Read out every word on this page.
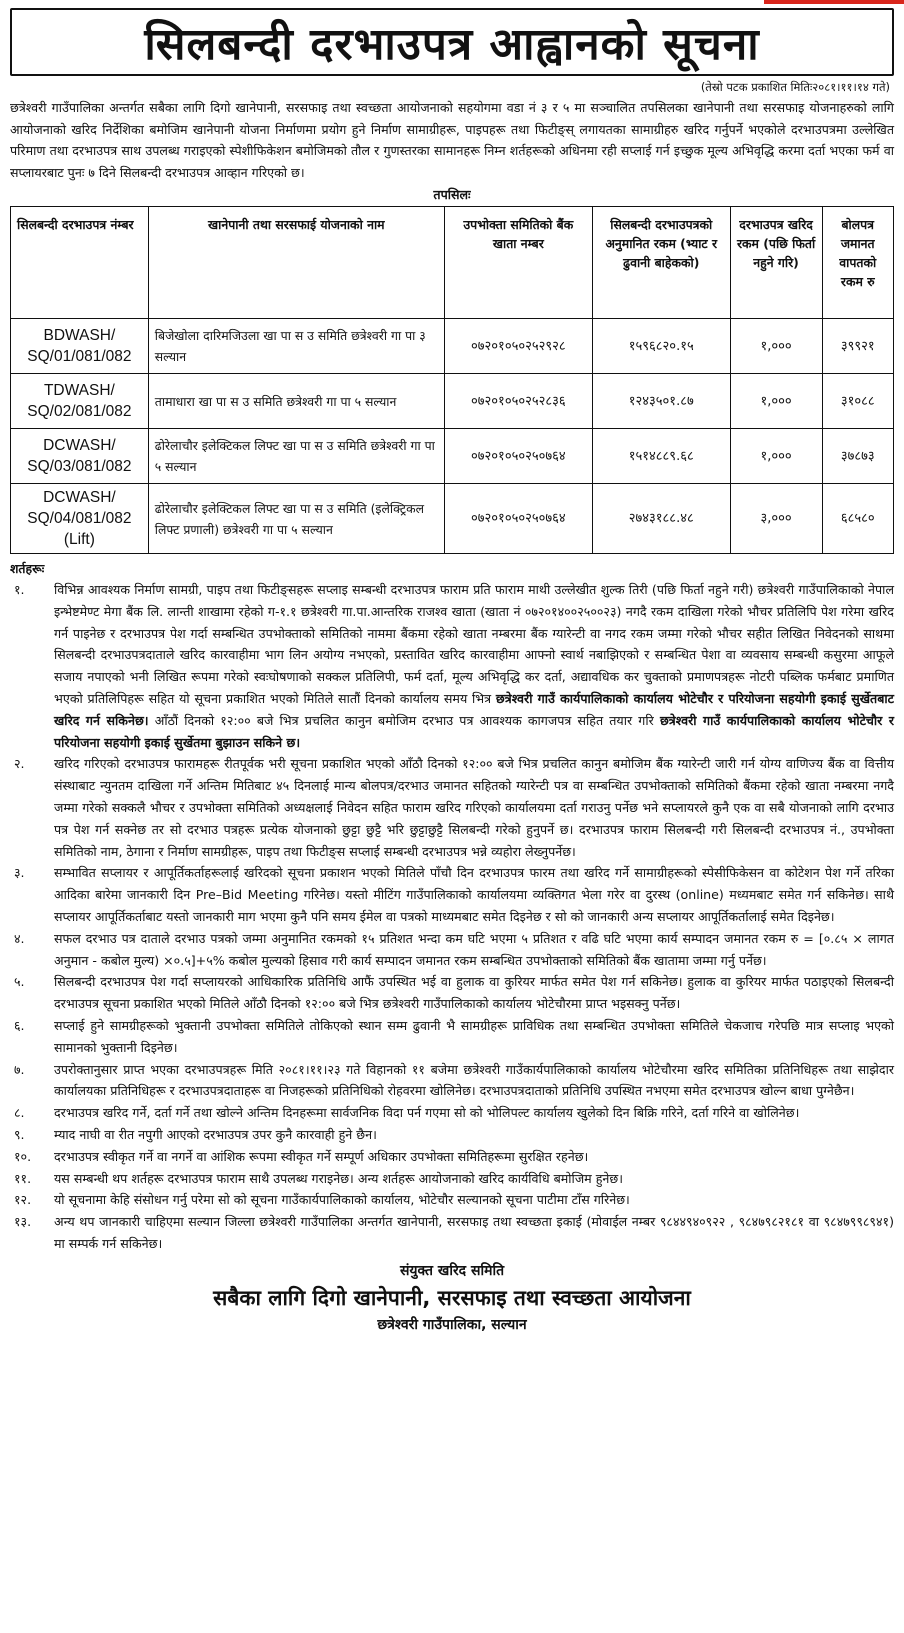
सिलबन्दी दरभाउपत्र आह्वानको सूचना
(तेस्रो पटक प्रकाशित मितिः२०८१।११।१४ गते)
छत्रेश्वरी गाउँपालिका अन्तर्गत सबैका लागि दिगो खानेपानी, सरसफाइ तथा स्वच्छता आयोजनाको सहयोगमा वडा नं ३ र ५ मा सञ्चालित तपसिलका खानेपानी तथा सरसफाइ योजनाहरुको लागि आयोजनाको खरिद निर्देशिका बमोजिम खानेपानी योजना निर्माणमा प्रयोग हुने निर्माण सामाग्रीहरू, पाइपहरू तथा फिटीङ्स् लगायतका सामाग्रीहरु खरिद गर्नुपर्ने भएकोले दरभाउपत्रमा उल्लेखित परिमाण तथा दरभाउपत्र साथ उपलब्ध गराइएको स्पेशीफिकेशन बमोजिमको तौल र गुणस्तरका सामानहरू निम्न शर्तहरूको अधिनमा रही सप्लाई गर्न इच्छुक मूल्य अभिवृद्धि करमा दर्ता भएका फर्म वा सप्लायरबाट पुनः ७ दिने सिलबन्दी दरभाउपत्र आव्हान गरिएको छ।
तपसिलः
सिलबन्दी दरभाउपत्र नंम्बर	खानेपानी तथा सरसफाई योजनाको नाम	उपभोक्ता समितिको बैंक खाता नम्बर	सिलबन्दी दरभाउपत्रको अनुमानित रकम (भ्याट र ढुवानी बाहेकको)	दरभाउपत्र खरिद रकम (पछि फिर्ता नहुने गरि)	बोलपत्र जमानत वापतको रकम रु
BDWASH/ SQ/01/081/082	बिजेखोला दारिमजिउला खा पा स उ समिति छत्रेश्वरी गा पा ३ सल्यान	०७२०१०५०२५२९२८	१५९६८२०.१५	१,०००	३९९२१
TDWASH/ SQ/02/081/082	तामाधारा खा पा स उ समिति छत्रेश्वरी गा पा ५ सल्यान	०७२०१०५०२५२८३६	१२४३५०१.८७	१,०००	३१०८८
DCWASH/ SQ/03/081/082	ढोरेलाचौर इलेक्टिकल लिफ्ट खा पा स उ समिति छत्रेश्वरी गा पा ५ सल्यान	०७२०१०५०२५०७६४	१५१४८८९.६८	१,०००	३७८७३
DCWASH/ SQ/04/081/082 (Lift)	ढोरेलाचौर इलेक्टिकल लिफ्ट खा पा स उ समिति (इलेक्ट्रिकल लिफ्ट प्रणाली) छत्रेश्वरी गा पा ५ सल्यान	०७२०१०५०२५०७६४	२७४३१८८.४८	३,०००	६८५८०
शर्तहरूः
१.	विभिन्न आवश्यक निर्माण सामग्री, पाइप तथा फिटीङ्सहरू सप्लाइ सम्बन्धी दरभाउपत्र फाराम प्रति फाराम माथी उल्लेखीत शुल्क तिरी (पछि फिर्ता नहुने गरी) छत्रेश्वरी गाउँपालिकाको नेपाल इन्भेष्टमेण्ट मेगा बैंक लि. लान्ती शाखामा रहेको ग-१.१ छत्रेश्वरी गा.पा.आन्तरिक राजश्व खाता (खाता नं ०७२०१४००२५००२३) नगदै रकम दाखिला गरेको भौचर प्रतिलिपि पेश गरेमा खरिद गर्न पाइनेछ र दरभाउपत्र पेश गर्दा सम्बन्धित उपभोक्ताको समितिको नाममा बैंकमा रहेको खाता नम्बरमा बैंक ग्यारेन्टी वा नगद रकम जम्मा गरेको भौचर सहीत लिखित निवेदनको साथमा सिलबन्दी दरभाउपत्रदाताले खरिद कारवाहीमा भाग लिन अयोग्य नभएको, प्रस्तावित खरिद कारवाहीमा आफ्नो स्वार्थ नबाझिएको र सम्बन्धित पेशा वा व्यवसाय सम्बन्धी कसुरमा आफूले सजाय नपाएको भनी लिखित रूपमा गरेको स्वःघोषणाको सक्कल प्रतिलिपी, फर्म दर्ता, मूल्य अभिवृद्धि कर दर्ता, अद्यावधिक कर चुक्ताको प्रमाणपत्रहरू नोटरी पब्लिक फर्मबाट प्रमाणित भएको प्रतिलिपिहरू सहित यो सूचना प्रकाशित भएको मितिले सातौं दिनको कार्यालय समय भित्र छत्रेश्वरी गाउँ कार्यपालिकाको कार्यालय भोटेचौर र परियोजना सहयोगी इकाई सुर्खेतबाट खरिद गर्न सकिनेछ। आँठौं दिनको १२:०० बजे भित्र प्रचलित कानुन बमोजिम दरभाउ पत्र आवश्यक कागजपत्र सहित तयार गरि छत्रेश्वरी गाउँ कार्यपालिकाको कार्यालय भोटेचौर र परियोजना सहयोगी इकाई सुर्खेतमा बुझाउन सकिने छ।
२.	खरिद गरिएको दरभाउपत्र फारामहरू रीतपूर्वक भरी सूचना प्रकाशित भएको आँठौ दिनको १२:०० बजे भित्र प्रचलित कानुन बमोजिम बैंक ग्यारेन्टी जारी गर्न योग्य वाणिज्य बैंक वा वित्तीय संस्थाबाट न्युनतम दाखिला गर्ने अन्तिम मितिबाट ४५ दिनलाई मान्य बोलपत्र/दरभाउ जमानत सहितको ग्यारेन्टी पत्र वा सम्बन्धित उपभोक्ताको समितिको बैंकमा रहेको खाता नम्बरमा नगदै जम्मा गरेको सक्कलै भौचर र उपभोक्ता समितिको अध्यक्षलाई निवेदन सहित फाराम खरिद गरिएको कार्यालयमा दर्ता गराउनु पर्नेछ भने सप्लायरले कुनै एक वा सबै योजनाको लागि दरभाउ पत्र पेश गर्न सक्नेछ तर सो दरभाउ पत्रहरू प्रत्येक योजनाको छुट्टा छुट्टै भरि छुट्टाछुट्टै सिलबन्दी गरेको हुनुपर्ने छ। दरभाउपत्र फाराम सिलबन्दी गरी सिलबन्दी दरभाउपत्र नं., उपभोक्ता समितिको नाम, ठेगाना र निर्माण सामग्रीहरू, पाइप तथा फिटीङ्स सप्लाई सम्बन्धी दरभाउपत्र भन्ने व्यहोरा लेख्नुपर्नेछ।
३.	सम्भावित सप्लायर र आपूर्तिकर्ताहरूलाई खरिदको सूचना प्रकाशन भएको मितिले पाँचौ दिन दरभाउपत्र फारम तथा खरिद गर्ने सामाग्रीहरूको स्पेसीफिकेसन वा कोटेशन पेश गर्ने तरिका आदिका बारेमा जानकारी दिन Pre–Bid Meeting गरिनेछ। यस्तो मीटिंग गाउँपालिकाको कार्यालयमा व्यक्तिगत भेला गरेर वा दुरस्थ (online) मध्यमबाट समेत गर्न सकिनेछ। साथै सप्लायर आपूर्तिकर्ताबाट यस्तो जानकारी माग भएमा कुनै पनि समय ईमेल वा पत्रको माध्यमबाट समेत दिइनेछ र सो को जानकारी अन्य सप्लायर आपूर्तिकर्तालाई समेत दिइनेछ।
४.	सफल दरभाउ पत्र दाताले दरभाउ पत्रको जम्मा अनुमानित रकमको १५ प्रतिशत भन्दा कम घटि भएमा ५ प्रतिशत र वढि घटि भएमा कार्य सम्पादन जमानत रकम रु = [०.८५ × लागत अनुमान - कबोल मुल्य) ×०.५]+५% कबोल मुल्यको हिसाव गरी कार्य सम्पादन जमानत रकम सम्बन्धित उपभोक्ताको समितिको बैंक खातामा जम्मा गर्नु पर्नेछ।
५.	सिलबन्दी दरभाउपत्र पेश गर्दा सप्लायरको आधिकारिक प्रतिनिधि आफैं उपस्थित भई वा हुलाक वा कुरियर मार्फत समेत पेश गर्न सकिनेछ। हुलाक वा कुरियर मार्फत पठाइएको सिलबन्दी दरभाउपत्र सूचना प्रकाशित भएको मितिले आँठौ दिनको १२:०० बजे भित्र छत्रेश्वरी गाउँपालिकाको कार्यालय भोटेचौरमा प्राप्त भइसक्नु पर्नेछ।
६.	सप्लाई हुने सामग्रीहरूको भुक्तानी उपभोक्ता समितिले तोकिएको स्थान सम्म ढुवानी भै सामग्रीहरू प्राविधिक तथा सम्बन्धित उपभोक्ता समितिले चेकजाच गरेपछि मात्र सप्लाइ भएको सामानको भुक्तानी दिइनेछ।
७.	उपरोक्तानुसार प्राप्त भएका दरभाउपत्रहरू मिति २०८१।११।२३ गते विहानको ११ बजेमा छत्रेश्वरी गाउँकार्यपालिकाको कार्यालय भोटेचौरमा खरिद समितिका प्रतिनिधिहरू तथा साझेदार कार्यालयका प्रतिनिधिहरू र दरभाउपत्रदाताहरू वा निजहरूको प्रतिनिधिको रोहवरमा खोलिनेछ। दरभाउपत्रदाताको प्रतिनिधि उपस्थित नभएमा समेत दरभाउपत्र खोल्न बाधा पुग्नेछैन।
८.	दरभाउपत्र खरिद गर्ने, दर्ता गर्ने तथा खोल्ने अन्तिम दिनहरूमा सार्वजनिक विदा पर्न गएमा सो को भोलिपल्ट कार्यालय खुलेको दिन बिक्रि गरिने, दर्ता गरिने वा खोलिनेछ।
९.	म्याद नाघी वा रीत नपुगी आएको दरभाउपत्र उपर कुनै कारवाही हुने छैन।
१०.	दरभाउपत्र स्वीकृत गर्ने वा नगर्ने वा आंशिक रूपमा स्वीकृत गर्ने सम्पूर्ण अधिकार उपभोक्ता समितिहरूमा सुरक्षित रहनेछ।
११.	यस सम्बन्धी थप शर्तहरू दरभाउपत्र फाराम साथै उपलब्ध गराइनेछ। अन्य शर्तहरू आयोजनाको खरिद कार्यविधि बमोजिम हुनेछ।
१२.	यो सूचनामा केहि संसोधन गर्नु परेमा सो को सूचना गाउँकार्यपालिकाको कार्यालय, भोटेचौर सल्यानको सूचना पाटीमा टाँस गरिनेछ।
१३.	अन्य थप जानकारी चाहिएमा सल्यान जिल्ला छत्रेश्वरी गाउँपालिका अन्तर्गत खानेपानी, सरसफाइ तथा स्वच्छता इकाई (मोवाईल नम्बर ९८४४९४०९२२ , ९८४७९८२१८१ वा ९८४७९९८९४१) मा सम्पर्क गर्न सकिनेछ।
संयुक्त खरिद समिति
सबैका लागि दिगो खानेपानी, सरसफाइ तथा स्वच्छता आयोजना
छत्रेश्वरी गाउँपालिका, सल्यान
